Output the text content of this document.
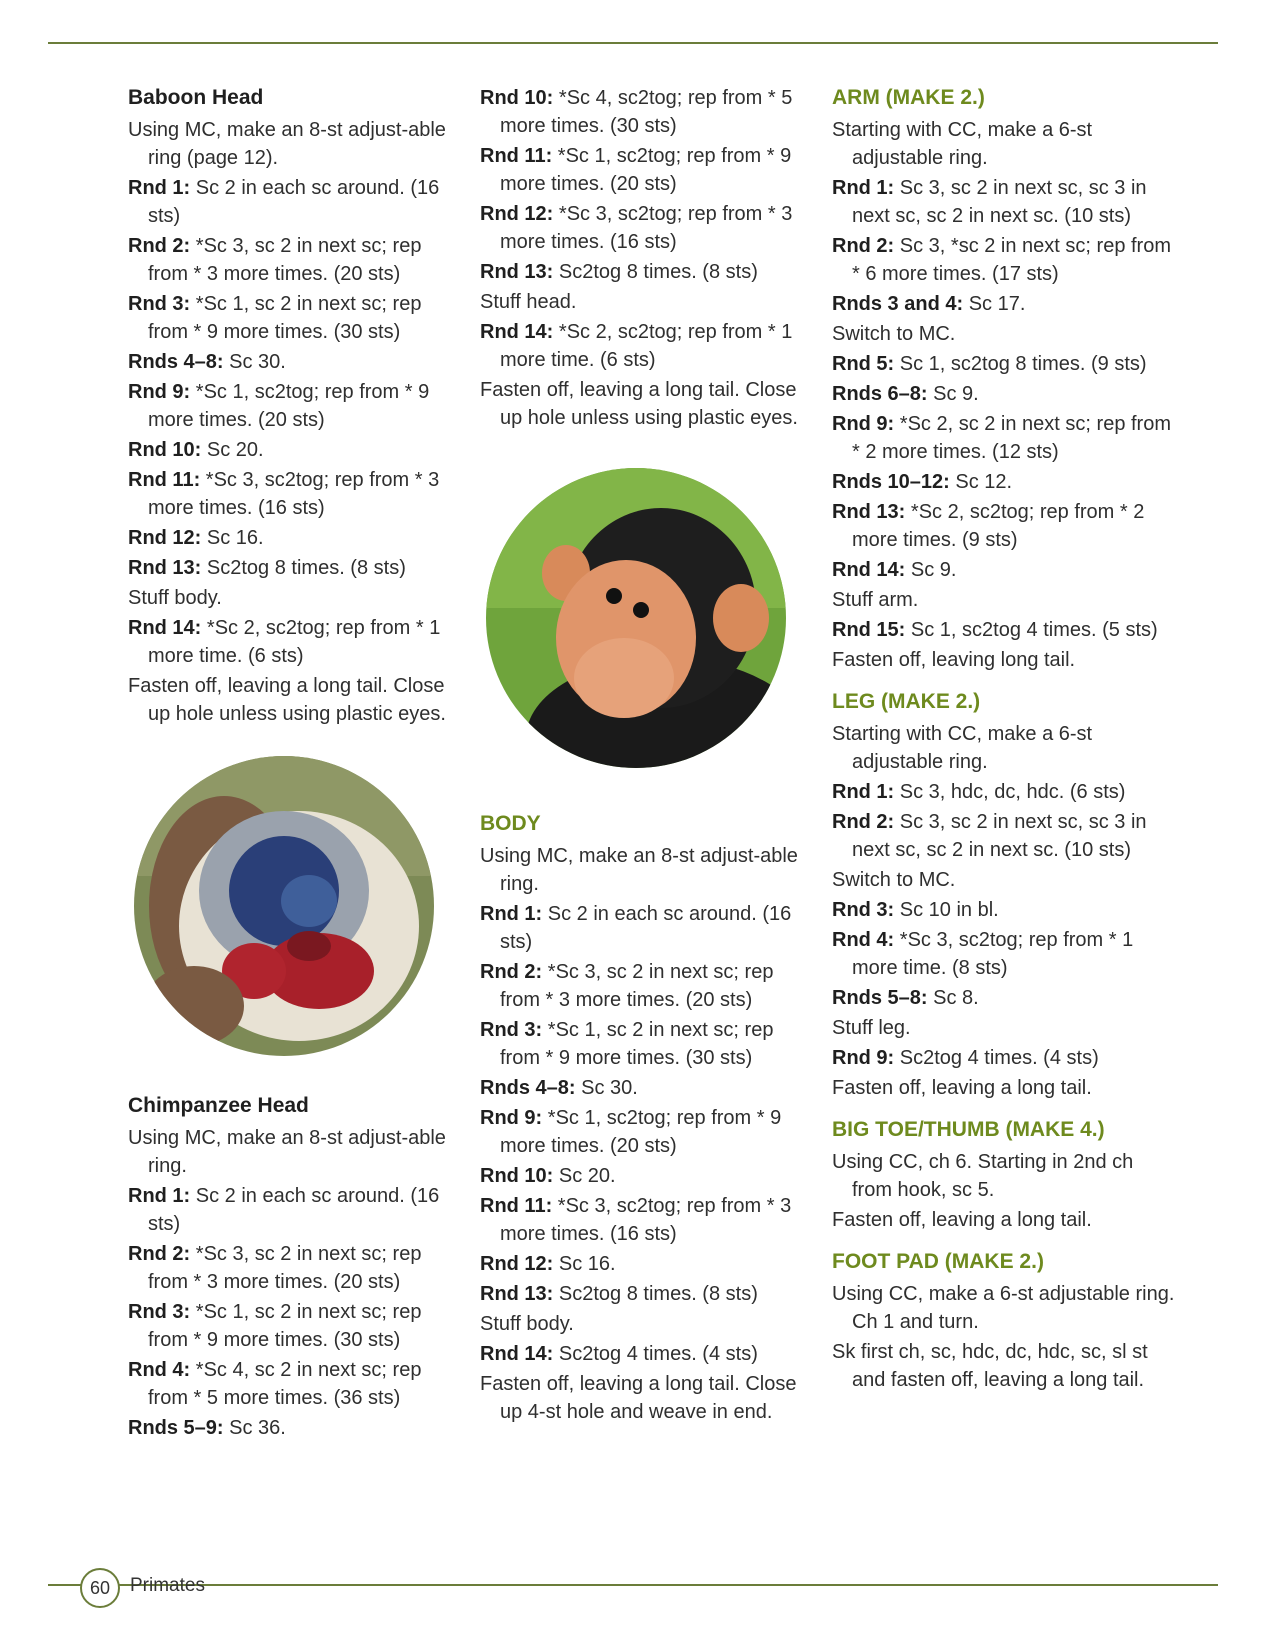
Baboon Head
Using MC, make an 8-st adjust-able ring (page 12).
Rnd 1: Sc 2 in each sc around. (16 sts)
Rnd 2: *Sc 3, sc 2 in next sc; rep from * 3 more times. (20 sts)
Rnd 3: *Sc 1, sc 2 in next sc; rep from * 9 more times. (30 sts)
Rnds 4–8: Sc 30.
Rnd 9: *Sc 1, sc2tog; rep from * 9 more times. (20 sts)
Rnd 10: Sc 20.
Rnd 11: *Sc 3, sc2tog; rep from * 3 more times. (16 sts)
Rnd 12: Sc 16.
Rnd 13: Sc2tog 8 times. (8 sts)
Stuff body.
Rnd 14: *Sc 2, sc2tog; rep from * 1 more time. (6 sts)
Fasten off, leaving a long tail. Close up hole unless using plastic eyes.
Chimpanzee Head
Using MC, make an 8-st adjust-able ring.
Rnd 1: Sc 2 in each sc around. (16 sts)
Rnd 2: *Sc 3, sc 2 in next sc; rep from * 3 more times. (20 sts)
Rnd 3: *Sc 1, sc 2 in next sc; rep from * 9 more times. (30 sts)
Rnd 4: *Sc 4, sc 2 in next sc; rep from * 5 more times. (36 sts)
Rnds 5–9: Sc 36.
Rnd 10: *Sc 4, sc2tog; rep from * 5 more times. (30 sts)
Rnd 11: *Sc 1, sc2tog; rep from * 9 more times. (20 sts)
Rnd 12: *Sc 3, sc2tog; rep from * 3 more times. (16 sts)
Rnd 13: Sc2tog 8 times. (8 sts)
Stuff head.
Rnd 14: *Sc 2, sc2tog; rep from * 1 more time. (6 sts)
Fasten off, leaving a long tail. Close up hole unless using plastic eyes.
BODY
Using MC, make an 8-st adjust-able ring.
Rnd 1: Sc 2 in each sc around. (16 sts)
Rnd 2: *Sc 3, sc 2 in next sc; rep from * 3 more times. (20 sts)
Rnd 3: *Sc 1, sc 2 in next sc; rep from * 9 more times. (30 sts)
Rnds 4–8: Sc 30.
Rnd 9: *Sc 1, sc2tog; rep from * 9 more times. (20 sts)
Rnd 10: Sc 20.
Rnd 11: *Sc 3, sc2tog; rep from * 3 more times. (16 sts)
Rnd 12: Sc 16.
Rnd 13: Sc2tog 8 times. (8 sts)
Stuff body.
Rnd 14: Sc2tog 4 times. (4 sts)
Fasten off, leaving a long tail. Close up 4-st hole and weave in end.
ARM (MAKE 2.)
Starting with CC, make a 6-st adjustable ring.
Rnd 1: Sc 3, sc 2 in next sc, sc 3 in next sc, sc 2 in next sc. (10 sts)
Rnd 2: Sc 3, *sc 2 in next sc; rep from * 6 more times. (17 sts)
Rnds 3 and 4: Sc 17.
Switch to MC.
Rnd 5: Sc 1, sc2tog 8 times. (9 sts)
Rnds 6–8: Sc 9.
Rnd 9: *Sc 2, sc 2 in next sc; rep from * 2 more times. (12 sts)
Rnds 10–12: Sc 12.
Rnd 13: *Sc 2, sc2tog; rep from * 2 more times. (9 sts)
Rnd 14: Sc 9.
Stuff arm.
Rnd 15: Sc 1, sc2tog 4 times. (5 sts)
Fasten off, leaving long tail.
LEG (MAKE 2.)
Starting with CC, make a 6-st adjustable ring.
Rnd 1: Sc 3, hdc, dc, hdc. (6 sts)
Rnd 2: Sc 3, sc 2 in next sc, sc 3 in next sc, sc 2 in next sc. (10 sts)
Switch to MC.
Rnd 3: Sc 10 in bl.
Rnd 4: *Sc 3, sc2tog; rep from * 1 more time. (8 sts)
Rnds 5–8: Sc 8.
Stuff leg.
Rnd 9: Sc2tog 4 times. (4 sts)
Fasten off, leaving a long tail.
BIG TOE/THUMB (MAKE 4.)
Using CC, ch 6. Starting in 2nd ch from hook, sc 5.
Fasten off, leaving a long tail.
FOOT PAD (MAKE 2.)
Using CC, make a 6-st adjustable ring. Ch 1 and turn.
Sk first ch, sc, hdc, dc, hdc, sc, sl st and fasten off, leaving a long tail.
60	Primates
